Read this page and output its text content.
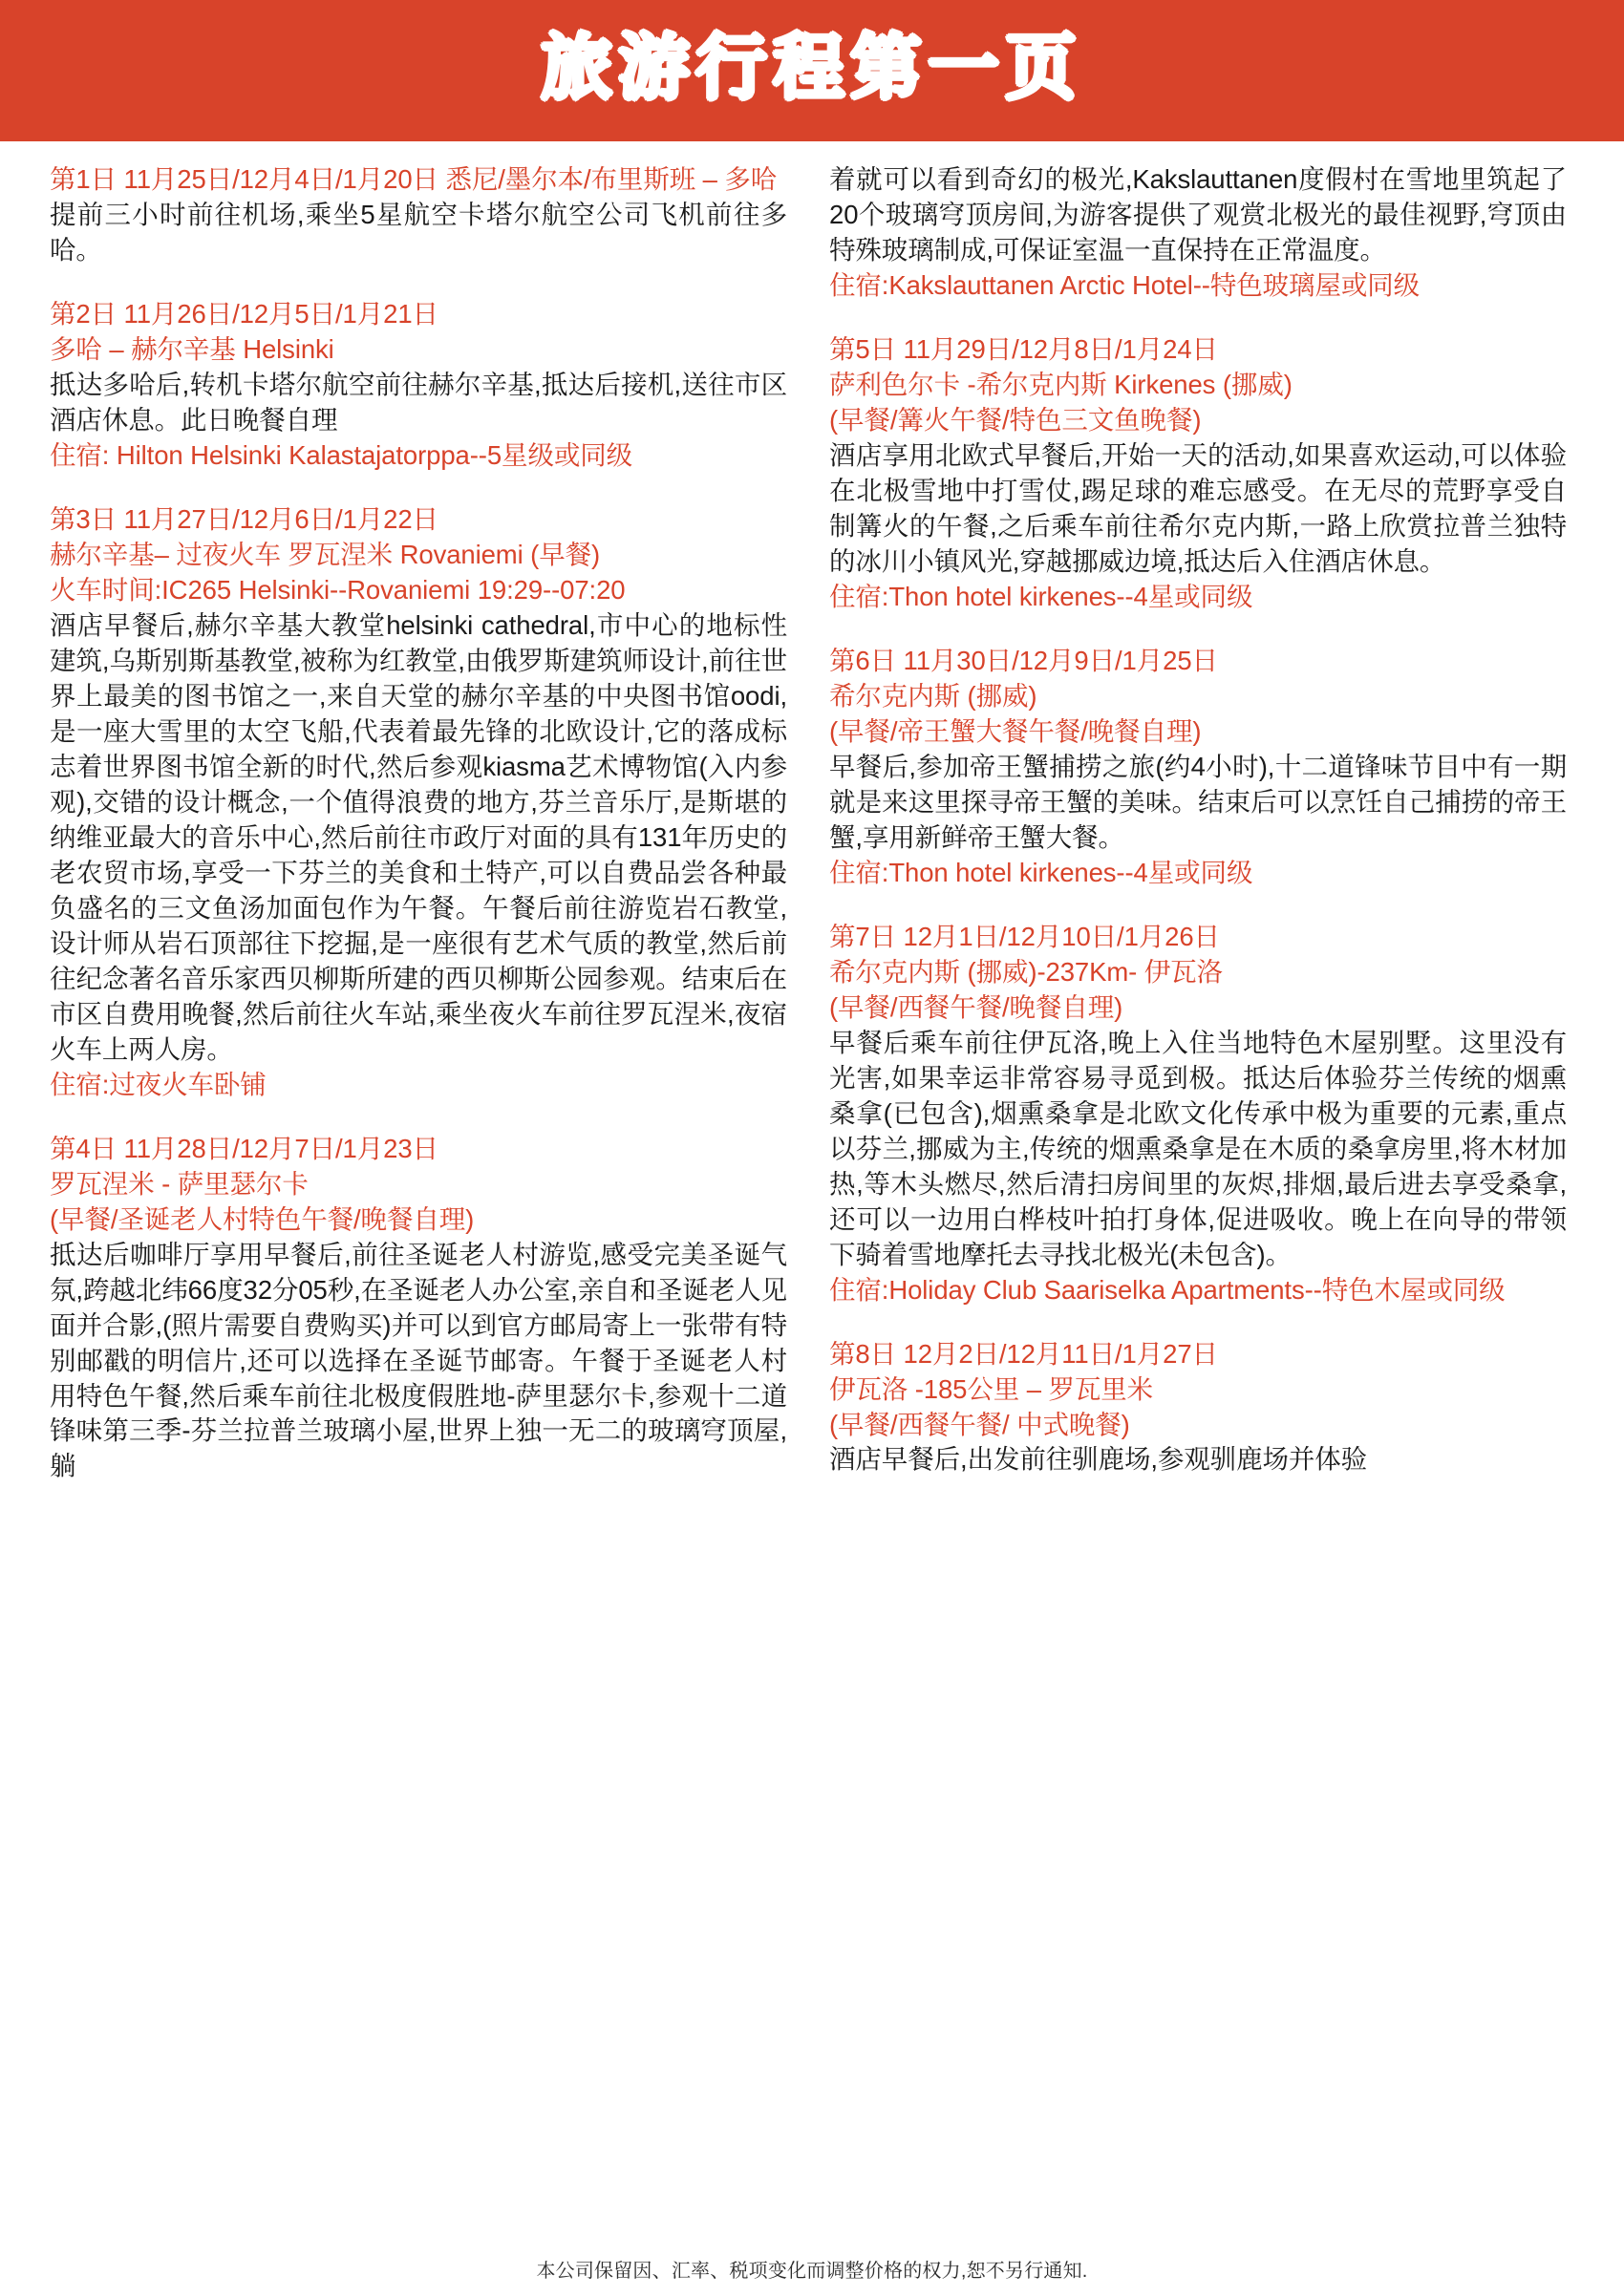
旅游行程第一页

第1日 11月25日/12月4日/1月20日 悉尼/墨尔本/布里斯班 – 多哈

提前三小时前往机场,乘坐5星航空卡塔尔航空公司飞机前往多哈。

第2日 11月26日/12月5日/1月21日

多哈 – 赫尔辛基 Helsinki

抵达多哈后,转机卡塔尔航空前往赫尔辛基,抵达后接机,送往市区酒店休息。此日晚餐自理

住宿: Hilton Helsinki Kalastajatorppa--5星级或同级

第3日 11月27日/12月6日/1月22日

赫尔辛基– 过夜火车 罗瓦涅米 Rovaniemi (早餐)

火车时间:IC265 Helsinki--Rovaniemi 19:29--07:20

酒店早餐后,赫尔辛基大教堂helsinki cathedral,市中心的地标性建筑,乌斯别斯基教堂,被称为红教堂,由俄罗斯建筑师设计,前往世界上最美的图书馆之一,来自天堂的赫尔辛基的中央图书馆oodi,是一座大雪里的太空飞船,代表着最先锋的北欧设计,它的落成标志着世界图书馆全新的时代,然后参观kiasma艺术博物馆(入内参观),交错的设计概念,一个值得浪费的地方,芬兰音乐厅,是斯堪的纳维亚最大的音乐中心,然后前往市政厅对面的具有131年历史的老农贸市场,享受一下芬兰的美食和土特产,可以自费品尝各种最负盛名的三文鱼汤加面包作为午餐。午餐后前往游览岩石教堂,设计师从岩石顶部往下挖掘,是一座很有艺术气质的教堂,然后前往纪念著名音乐家西贝柳斯所建的西贝柳斯公园参观。结束后在市区自费用晚餐,然后前往火车站,乘坐夜火车前往罗瓦涅米,夜宿火车上两人房。

住宿:过夜火车卧铺

第4日 11月28日/12月7日/1月23日

罗瓦涅米 - 萨里瑟尔卡

(早餐/圣诞老人村特色午餐/晚餐自理)

抵达后咖啡厅享用早餐后,前往圣诞老人村游览,感受完美圣诞气氛,跨越北纬66度32分05秒,在圣诞老人办公室,亲自和圣诞老人见面并合影,(照片需要自费购买)并可以到官方邮局寄上一张带有特别邮戳的明信片,还可以选择在圣诞节邮寄。午餐于圣诞老人村用特色午餐,然后乘车前往北极度假胜地-萨里瑟尔卡,参观十二道锋味第三季-芬兰拉普兰玻璃小屋,世界上独一无二的玻璃穹顶屋,躺

着就可以看到奇幻的极光,Kakslauttanen度假村在雪地里筑起了20个玻璃穹顶房间,为游客提供了观赏北极光的最佳视野,穹顶由特殊玻璃制成,可保证室温一直保持在正常温度。

住宿:Kakslauttanen Arctic Hotel--特色玻璃屋或同级

第5日 11月29日/12月8日/1月24日

萨利色尔卡 -希尔克内斯 Kirkenes (挪威)

(早餐/篝火午餐/特色三文鱼晚餐)

酒店享用北欧式早餐后,开始一天的活动,如果喜欢运动,可以体验在北极雪地中打雪仗,踢足球的难忘感受。在无尽的荒野享受自制篝火的午餐,之后乘车前往希尔克内斯,一路上欣赏拉普兰独特的冰川小镇风光,穿越挪威边境,抵达后入住酒店休息。

住宿:Thon hotel kirkenes--4星或同级

第6日 11月30日/12月9日/1月25日

希尔克内斯 (挪威)

(早餐/帝王蟹大餐午餐/晚餐自理)

早餐后,参加帝王蟹捕捞之旅(约4小时),十二道锋味节目中有一期就是来这里探寻帝王蟹的美味。结束后可以烹饪自己捕捞的帝王蟹,享用新鲜帝王蟹大餐。

住宿:Thon hotel kirkenes--4星或同级

第7日 12月1日/12月10日/1月26日

希尔克内斯 (挪威)-237Km- 伊瓦洛

(早餐/西餐午餐/晚餐自理)

早餐后乘车前往伊瓦洛,晚上入住当地特色木屋别墅。这里没有光害,如果幸运非常容易寻觅到极。抵达后体验芬兰传统的烟熏桑拿(已包含),烟熏桑拿是北欧文化传承中极为重要的元素,重点以芬兰,挪威为主,传统的烟熏桑拿是在木质的桑拿房里,将木材加热,等木头燃尽,然后清扫房间里的灰烬,排烟,最后进去享受桑拿,还可以一边用白桦枝叶拍打身体,促进吸收。晚上在向导的带领下骑着雪地摩托去寻找北极光(未包含)。

住宿:Holiday Club Saariselka Apartments--特色木屋或同级

第8日 12月2日/12月11日/1月27日

伊瓦洛 -185公里 – 罗瓦里米

(早餐/西餐午餐/ 中式晚餐)

酒店早餐后,出发前往驯鹿场,参观驯鹿场并体验

本公司保留因、汇率、税项变化而调整价格的权力,恕不另行通知.
